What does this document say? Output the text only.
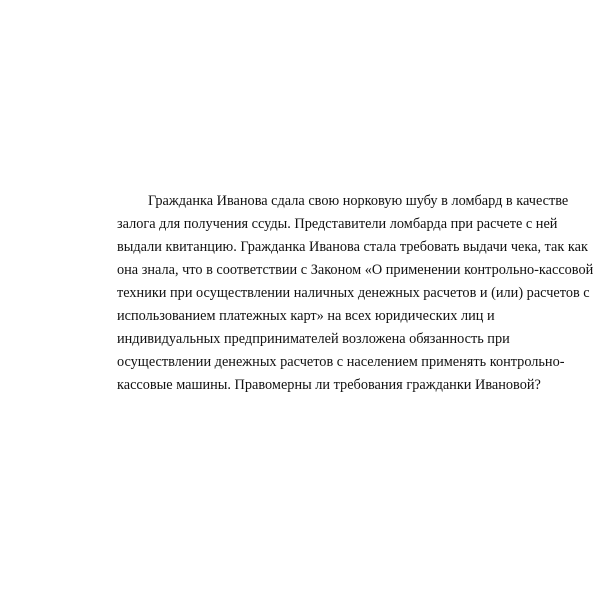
Гражданка Иванова сдала свою норковую шубу в ломбард в качестве
залога для получения ссуды. Представители ломбарда при расчете с ней
выдали квитанцию. Гражданка Иванова стала требовать выдачи чека, так как
она знала, что в соответствии с Законом «О применении контрольно-кассовой
техники при осуществлении наличных денежных расчетов и (или) расчетов с
использованием платежных карт» на всех юридических лиц и
индивидуальных предпринимателей возложена обязанность при
осуществлении денежных расчетов с населением применять контрольно-
кассовые машины. Правомерны ли требования гражданки Ивановой?
